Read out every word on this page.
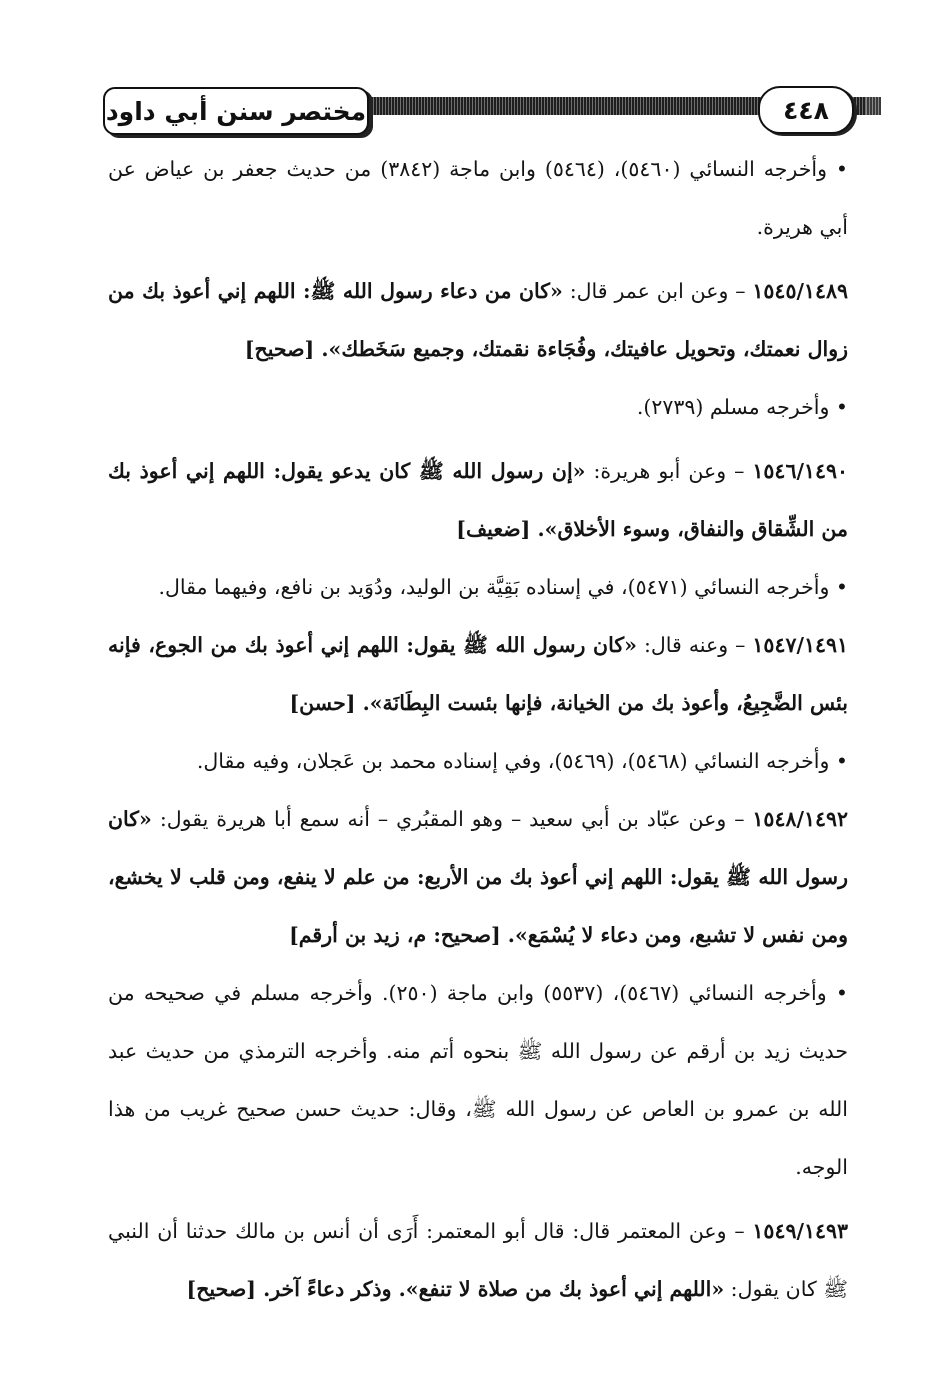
مختصر سنن أبي داود	٤٤٨

• وأخرجه النسائي (٥٤٦٠)، (٥٤٦٤) وابن ماجة (٣٨٤٢) من حديث جعفر بن عياض عن أبي هريرة.

١٥٤٥/١٤٨٩ – وعن ابن عمر قال: «كان من دعاء رسول الله ﷺ: اللهم إني أعوذ بك من زوال نعمتك، وتحويل عافيتك، وفُجَاءة نقمتك، وجميع سَخَطك». [صحيح]

• وأخرجه مسلم (٢٧٣٩).

١٥٤٦/١٤٩٠ – وعن أبو هريرة: «إن رسول الله ﷺ كان يدعو يقول: اللهم إني أعوذ بك من الشِّقاق والنفاق، وسوء الأخلاق». [ضعيف]

• وأخرجه النسائي (٥٤٧١)، في إسناده بَقِيَّة بن الوليد، ودُوَيد بن نافع، وفيهما مقال.

١٥٤٧/١٤٩١ – وعنه قال: «كان رسول الله ﷺ يقول: اللهم إني أعوذ بك من الجوع، فإنه بئس الضَّجِيعُ، وأعوذ بك من الخيانة، فإنها بئست البِطَانَة». [حسن]

• وأخرجه النسائي (٥٤٦٨)، (٥٤٦٩)، وفي إسناده محمد بن عَجلان، وفيه مقال.

١٥٤٨/١٤٩٢ – وعن عبّاد بن أبي سعيد – وهو المقبُري – أنه سمع أبا هريرة يقول: «كان رسول الله ﷺ يقول: اللهم إني أعوذ بك من الأربع: من علم لا ينفع، ومن قلب لا يخشع، ومن نفس لا تشبع، ومن دعاء لا يُسْمَع». [صحيح: م، زيد بن أرقم]

• وأخرجه النسائي (٥٤٦٧)، (٥٥٣٧) وابن ماجة (٢٥٠). وأخرجه مسلم في صحيحه من حديث زيد بن أرقم عن رسول الله ﷺ بنحوه أتم منه. وأخرجه الترمذي من حديث عبد الله بن عمرو بن العاص عن رسول الله ﷺ، وقال: حديث حسن صحيح غريب من هذا الوجه.

١٥٤٩/١٤٩٣ – وعن المعتمر قال: قال أبو المعتمر: أَرَى أن أنس بن مالك حدثنا أن النبي ﷺ كان يقول: «اللهم إني أعوذ بك من صلاة لا تنفع». وذكر دعاءً آخر. [صحيح]
